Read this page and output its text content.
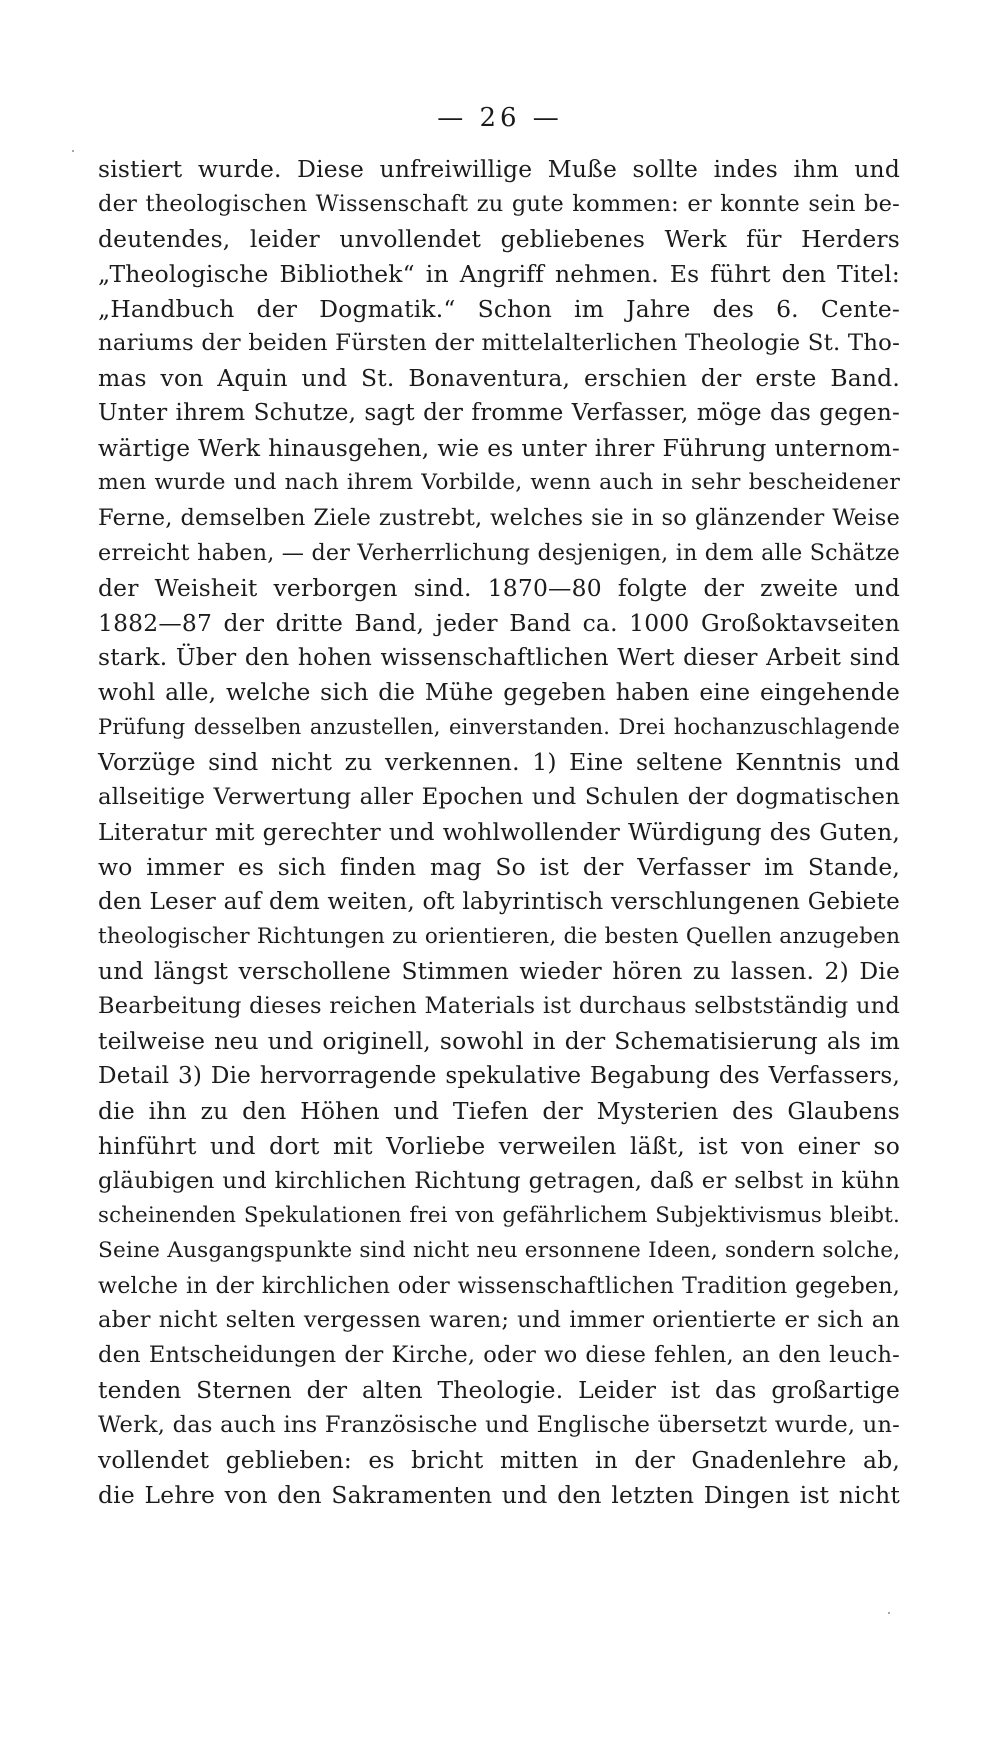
— 26 —
sistiert wurde. Diese unfreiwillige Muße sollte indes ihm und
der theologischen Wissenschaft zu gute kommen: er konnte sein be-
deutendes, leider unvollendet gebliebenes Werk für Herders
„Theologische Bibliothek“ in Angriff nehmen. Es führt den Titel:
„Handbuch der Dogmatik.“ Schon im Jahre des 6. Cente-
nariums der beiden Fürsten der mittelalterlichen Theologie St. Tho-
mas von Aquin und St. Bonaventura, erschien der erste Band.
Unter ihrem Schutze, sagt der fromme Verfasser, möge das gegen-
wärtige Werk hinausgehen, wie es unter ihrer Führung unternom-
men wurde und nach ihrem Vorbilde, wenn auch in sehr bescheidener
Ferne, demselben Ziele zustrebt, welches sie in so glänzender Weise
erreicht haben, — der Verherrlichung desjenigen, in dem alle Schätze
der Weisheit verborgen sind. 1870—80 folgte der zweite und
1882—87 der dritte Band, jeder Band ca. 1000 Großoktavseiten
stark. Über den hohen wissenschaftlichen Wert dieser Arbeit sind
wohl alle, welche sich die Mühe gegeben haben eine eingehende
Prüfung desselben anzustellen, einverstanden. Drei hochanzuschlagende
Vorzüge sind nicht zu verkennen. 1) Eine seltene Kenntnis und
allseitige Verwertung aller Epochen und Schulen der dogmatischen
Literatur mit gerechter und wohlwollender Würdigung des Guten,
wo immer es sich finden mag So ist der Verfasser im Stande,
den Leser auf dem weiten, oft labyrintisch verschlungenen Gebiete
theologischer Richtungen zu orientieren, die besten Quellen anzugeben
und längst verschollene Stimmen wieder hören zu lassen. 2) Die
Bearbeitung dieses reichen Materials ist durchaus selbstständig und
teilweise neu und originell, sowohl in der Schematisierung als im
Detail 3) Die hervorragende spekulative Begabung des Verfassers,
die ihn zu den Höhen und Tiefen der Mysterien des Glaubens
hinführt und dort mit Vorliebe verweilen läßt, ist von einer so
gläubigen und kirchlichen Richtung getragen, daß er selbst in kühn
scheinenden Spekulationen frei von gefährlichem Subjektivismus bleibt.
Seine Ausgangspunkte sind nicht neu ersonnene Ideen, sondern solche,
welche in der kirchlichen oder wissenschaftlichen Tradition gegeben,
aber nicht selten vergessen waren; und immer orientierte er sich an
den Entscheidungen der Kirche, oder wo diese fehlen, an den leuch-
tenden Sternen der alten Theologie. Leider ist das großartige
Werk, das auch ins Französische und Englische übersetzt wurde, un-
vollendet geblieben: es bricht mitten in der Gnadenlehre ab,
die Lehre von den Sakramenten und den letzten Dingen ist nicht
